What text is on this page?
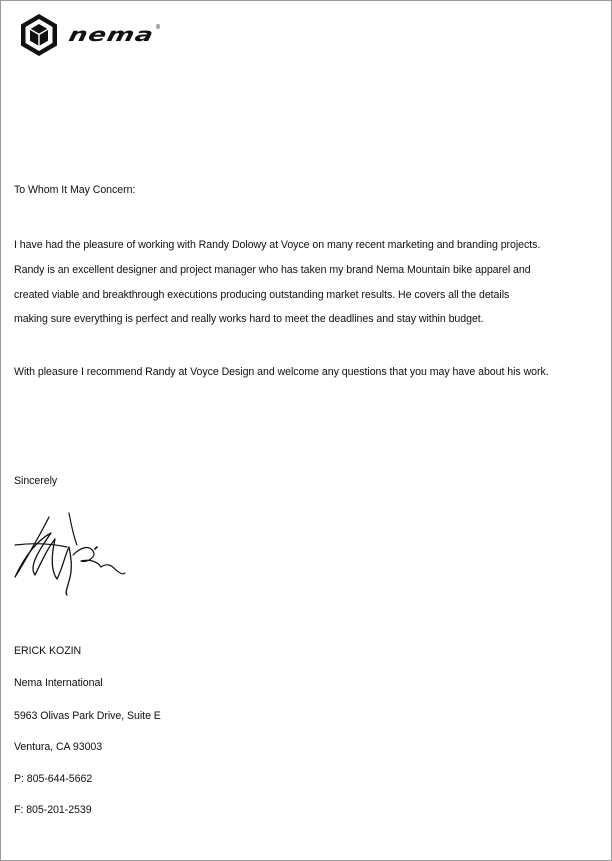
nema ®
To Whom It May Concern:
I have had the pleasure of working with Randy Dolowy at Voyce on many recent marketing and branding projects.
Randy is an excellent designer and project manager who has taken my brand Nema Mountain bike apparel and
created viable and breakthrough executions producing outstanding market results. He covers all the details
making sure everything is perfect and really works hard to meet the deadlines and stay within budget.
With pleasure I recommend Randy at Voyce Design and welcome any questions that you may have about his work.
Sincerely
ERICK KOZIN
Nema International
5963 Olivas Park Drive, Suite E
Ventura, CA 93003
P: 805-644-5662
F: 805-201-2539
